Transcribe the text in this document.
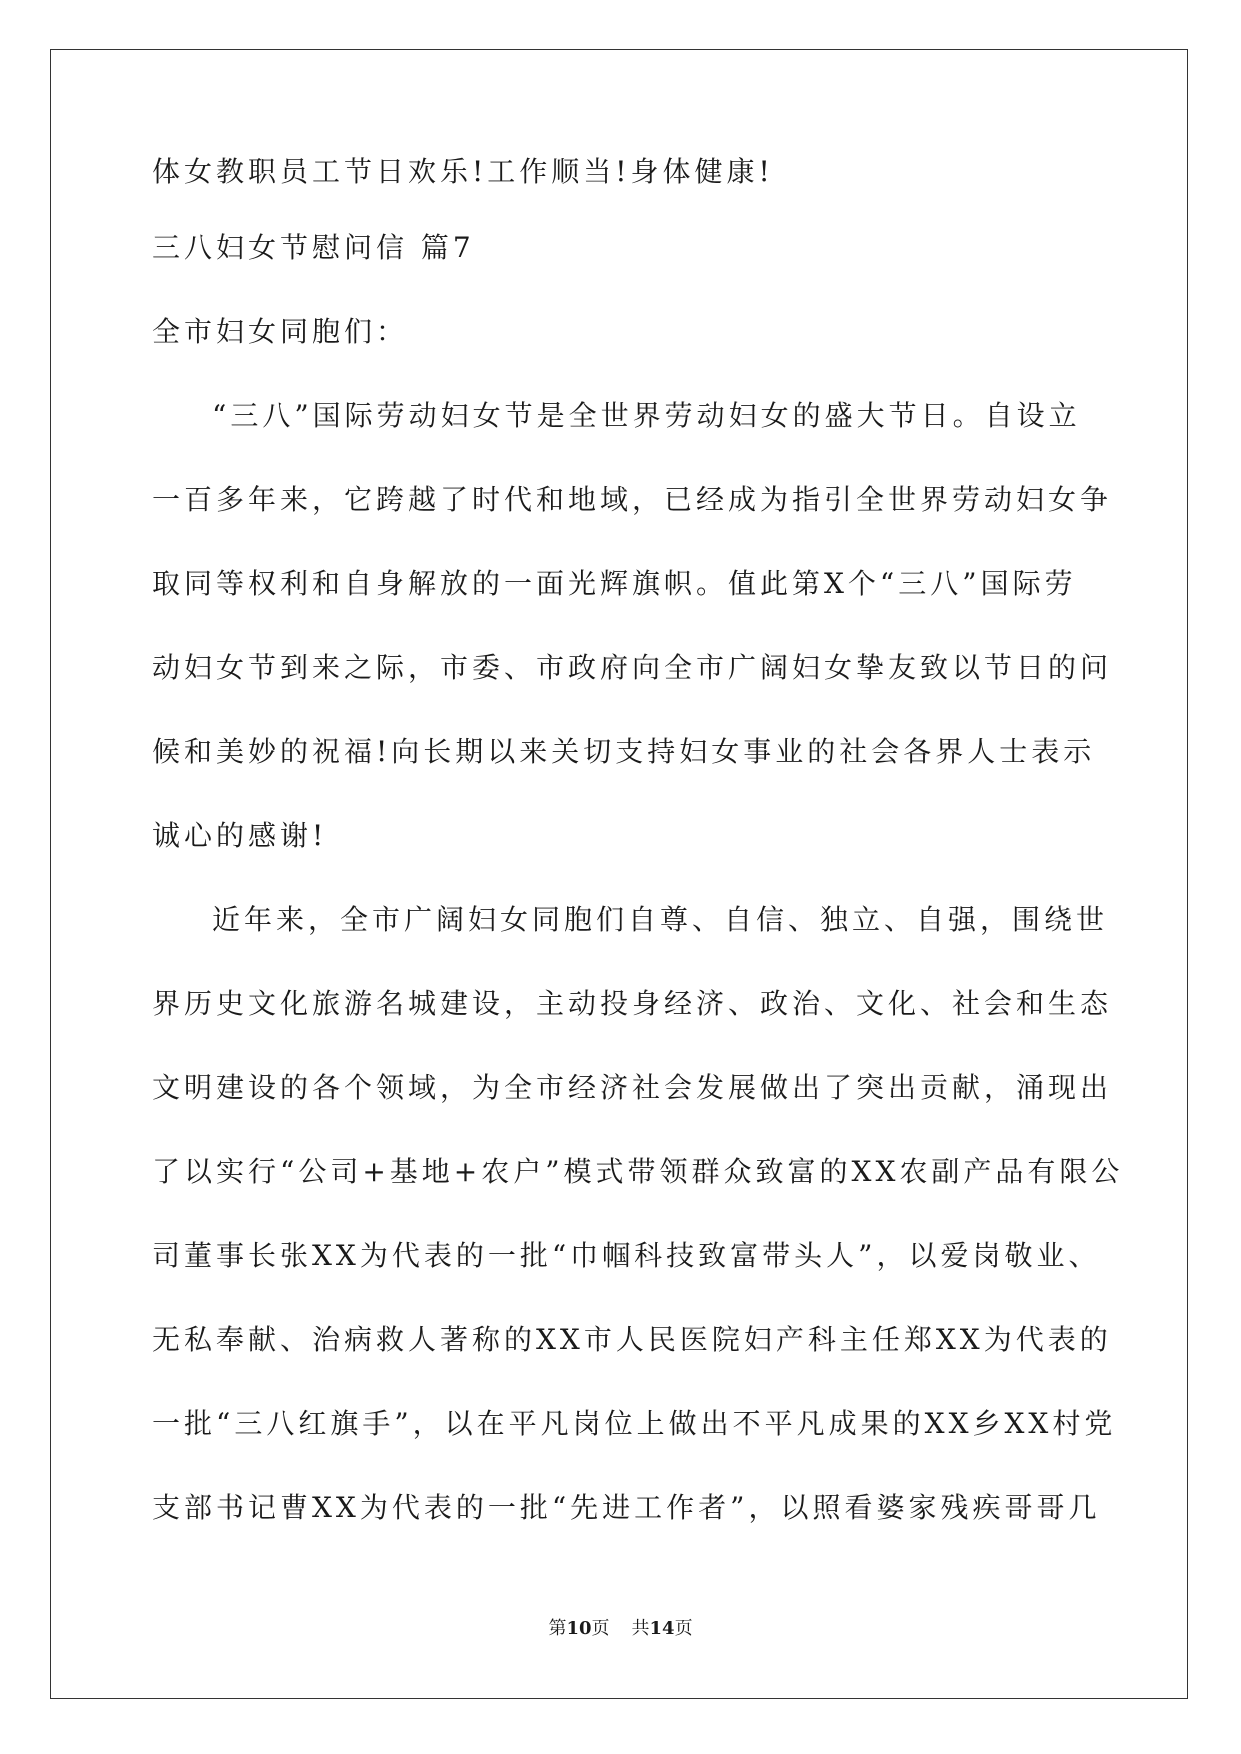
体女教职员工节日欢乐!工作顺当!身体健康!
三八妇女节慰问信 篇7
全市妇女同胞们：
“三八”国际劳动妇女节是全世界劳动妇女的盛大节日。自设立
一百多年来，它跨越了时代和地域，已经成为指引全世界劳动妇女争
取同等权利和自身解放的一面光辉旗帜。值此第X个“三八”国际劳
动妇女节到来之际，市委、市政府向全市广阔妇女挚友致以节日的问
候和美妙的祝福!向长期以来关切支持妇女事业的社会各界人士表示
诚心的感谢!
近年来，全市广阔妇女同胞们自尊、自信、独立、自强，围绕世
界历史文化旅游名城建设，主动投身经济、政治、文化、社会和生态
文明建设的各个领域，为全市经济社会发展做出了突出贡献，涌现出
了以实行“公司+基地+农户”模式带领群众致富的XX农副产品有限公
司董事长张XX为代表的一批“巾帼科技致富带头人”，以爱岗敬业、
无私奉献、治病救人著称的XX市人民医院妇产科主任郑XX为代表的
一批“三八红旗手”，以在平凡岗位上做出不平凡成果的XX乡XX村党
支部书记曹XX为代表的一批“先进工作者”，以照看婆家残疾哥哥几
第10页 共14页
